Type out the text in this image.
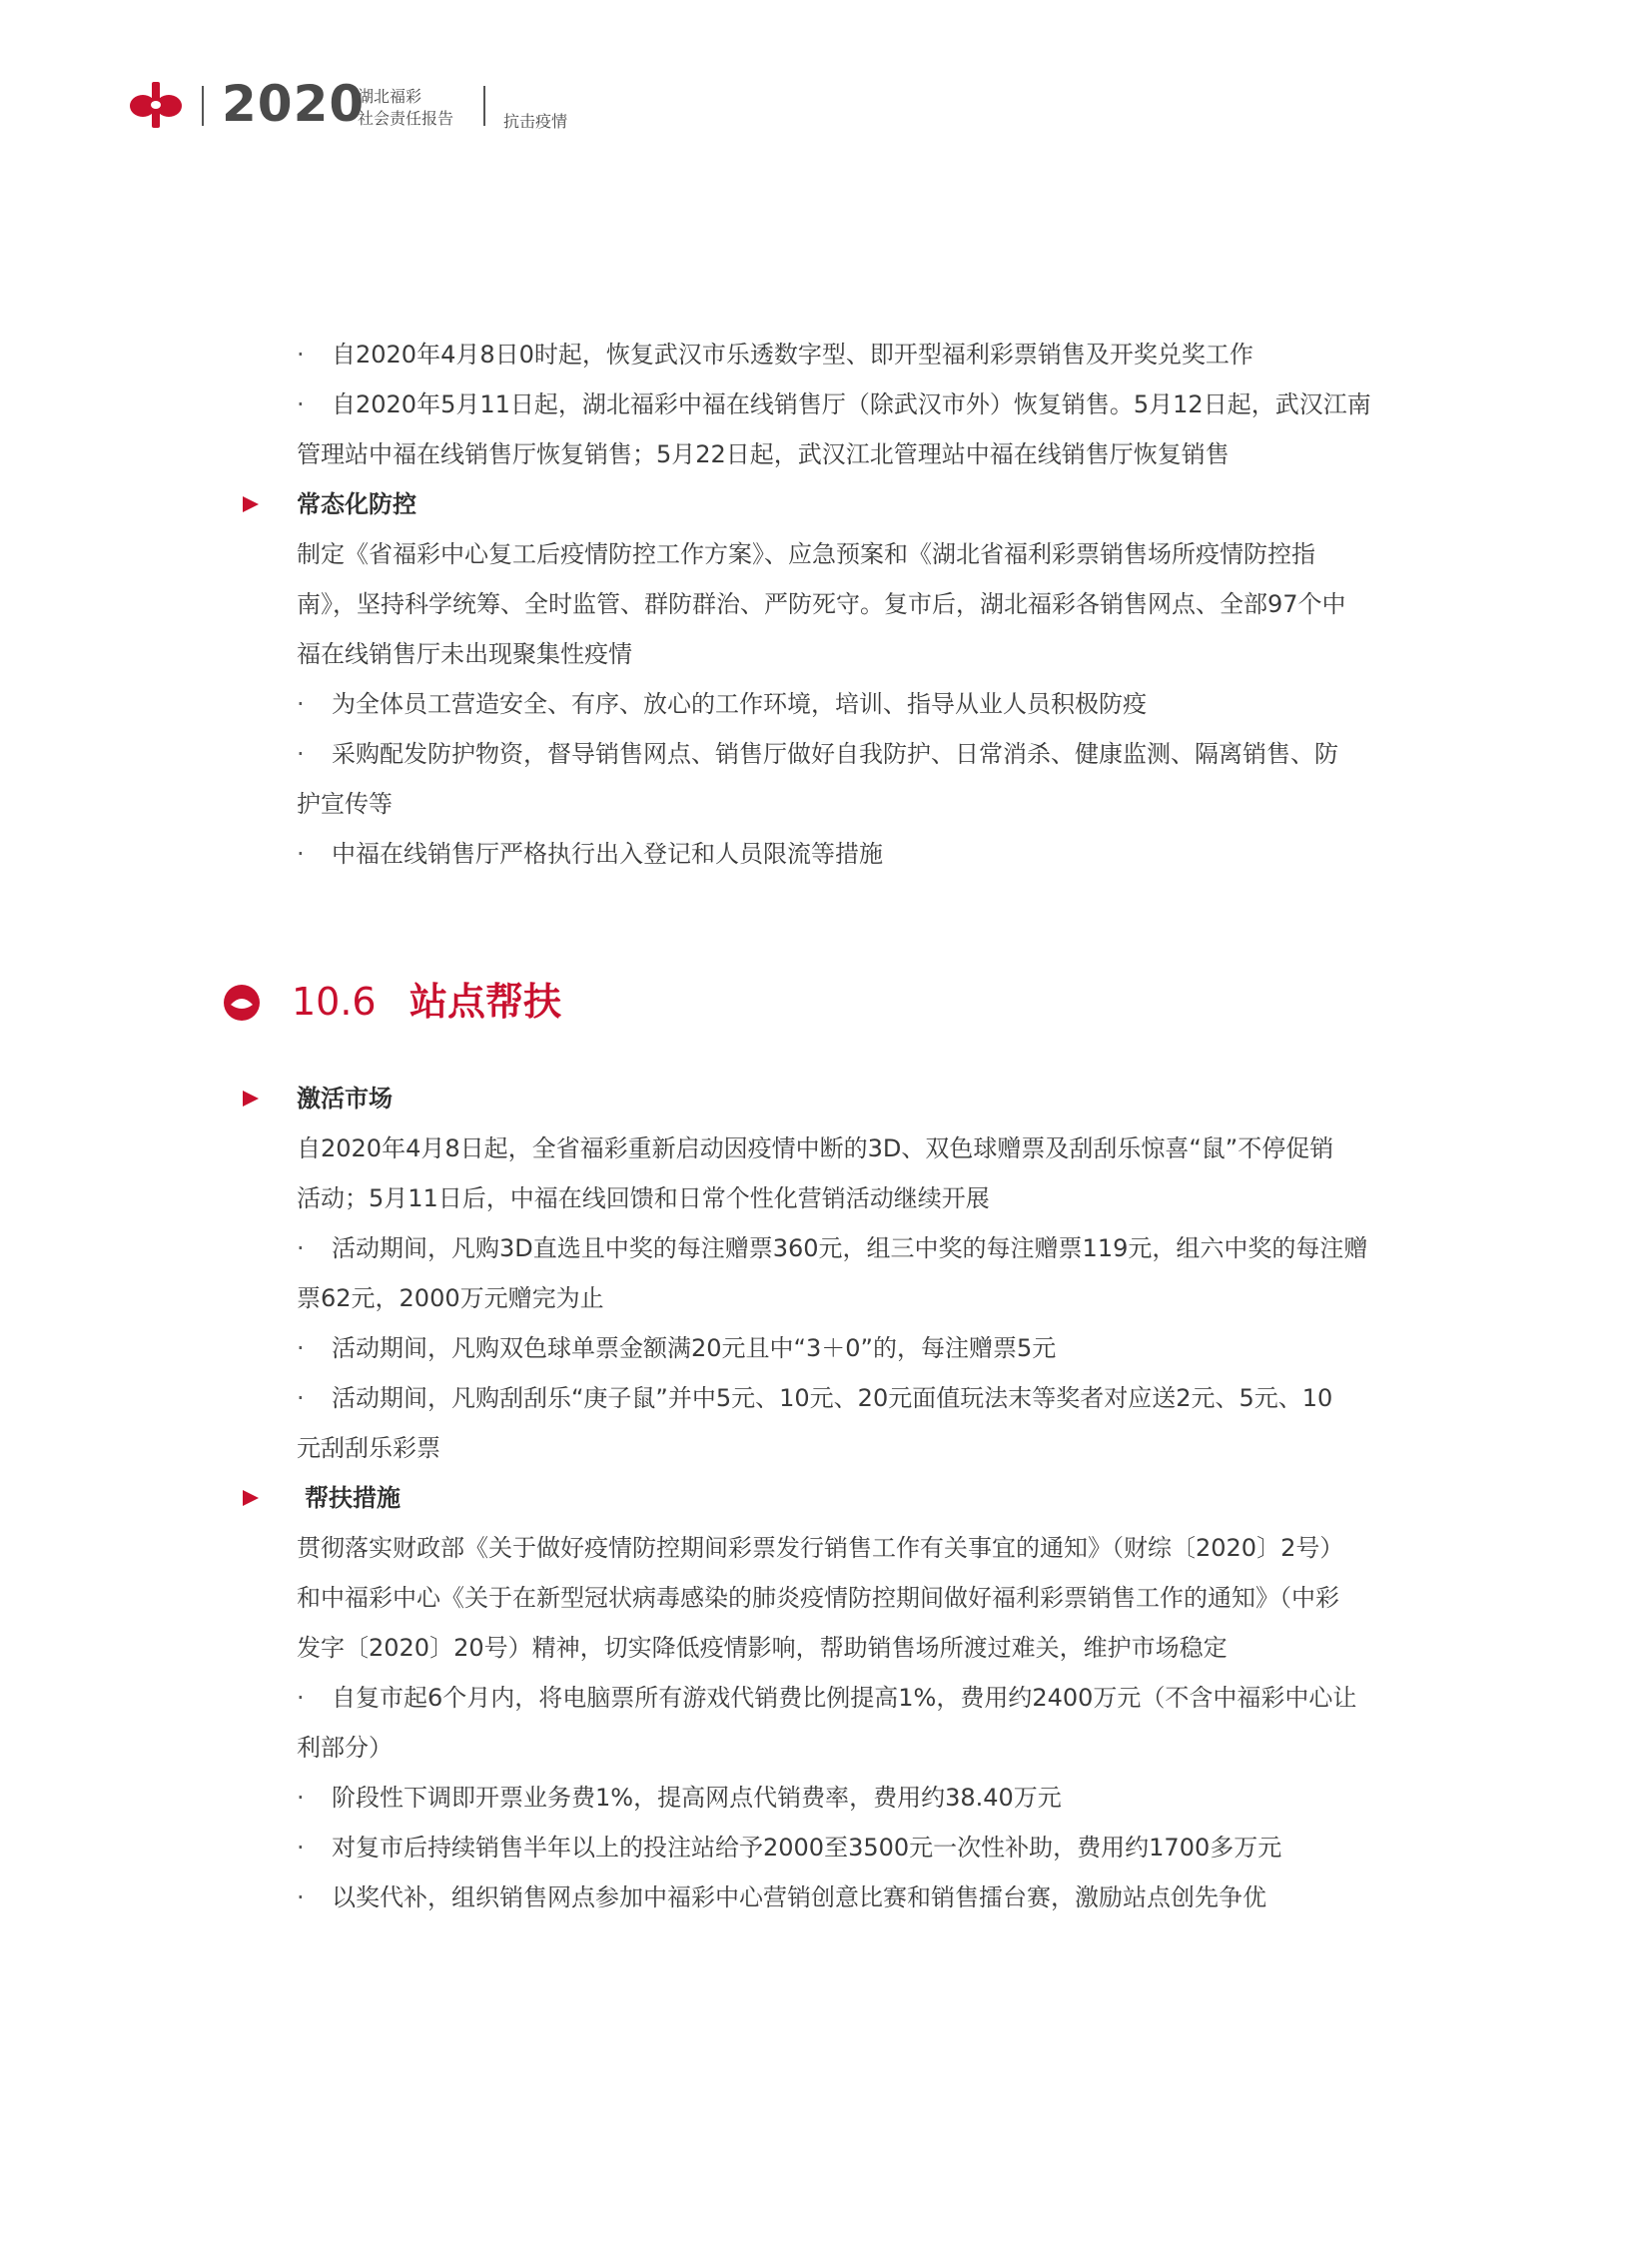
2020
湖北福彩
社会责任报告	抗击疫情
· 自2020年4月8日0时起，恢复武汉市乐透数字型、即开型福利彩票销售及开奖兑奖工作
· 自2020年5月11日起，湖北福彩中福在线销售厅（除武汉市外）恢复销售。5月12日起，武汉江南
管理站中福在线销售厅恢复销售；5月22日起，武汉江北管理站中福在线销售厅恢复销售
常态化防控
制定《省福彩中心复工后疫情防控工作方案》、应急预案和《湖北省福利彩票销售场所疫情防控指
南》，坚持科学统筹、全时监管、群防群治、严防死守。复市后，湖北福彩各销售网点、全部97个中
福在线销售厅未出现聚集性疫情
· 为全体员工营造安全、有序、放心的工作环境，培训、指导从业人员积极防疫
· 采购配发防护物资，督导销售网点、销售厅做好自我防护、日常消杀、健康监测、隔离销售、防
护宣传等
· 中福在线销售厅严格执行出入登记和人员限流等措施
10.6 站点帮扶
激活市场
自2020年4月8日起，全省福彩重新启动因疫情中断的3D、双色球赠票及刮刮乐惊喜“鼠”不停促销
活动；5月11日后，中福在线回馈和日常个性化营销活动继续开展
· 活动期间，凡购3D直选且中奖的每注赠票360元，组三中奖的每注赠票119元，组六中奖的每注赠
票62元，2000万元赠完为止
· 活动期间，凡购双色球单票金额满20元且中“3＋0”的，每注赠票5元
· 活动期间，凡购刮刮乐“庚子鼠”并中5元、10元、20元面值玩法末等奖者对应送2元、5元、10
元刮刮乐彩票
帮扶措施
贯彻落实财政部《关于做好疫情防控期间彩票发行销售工作有关事宜的通知》（财综〔2020〕2号）
和中福彩中心《关于在新型冠状病毒感染的肺炎疫情防控期间做好福利彩票销售工作的通知》（中彩
发字〔2020〕20号）精神，切实降低疫情影响，帮助销售场所渡过难关，维护市场稳定
· 自复市起6个月内，将电脑票所有游戏代销费比例提高1%，费用约2400万元（不含中福彩中心让
利部分）
· 阶段性下调即开票业务费1%，提高网点代销费率，费用约38.40万元
· 对复市后持续销售半年以上的投注站给予2000至3500元一次性补助，费用约1700多万元
· 以奖代补，组织销售网点参加中福彩中心营销创意比赛和销售擂台赛，激励站点创先争优
